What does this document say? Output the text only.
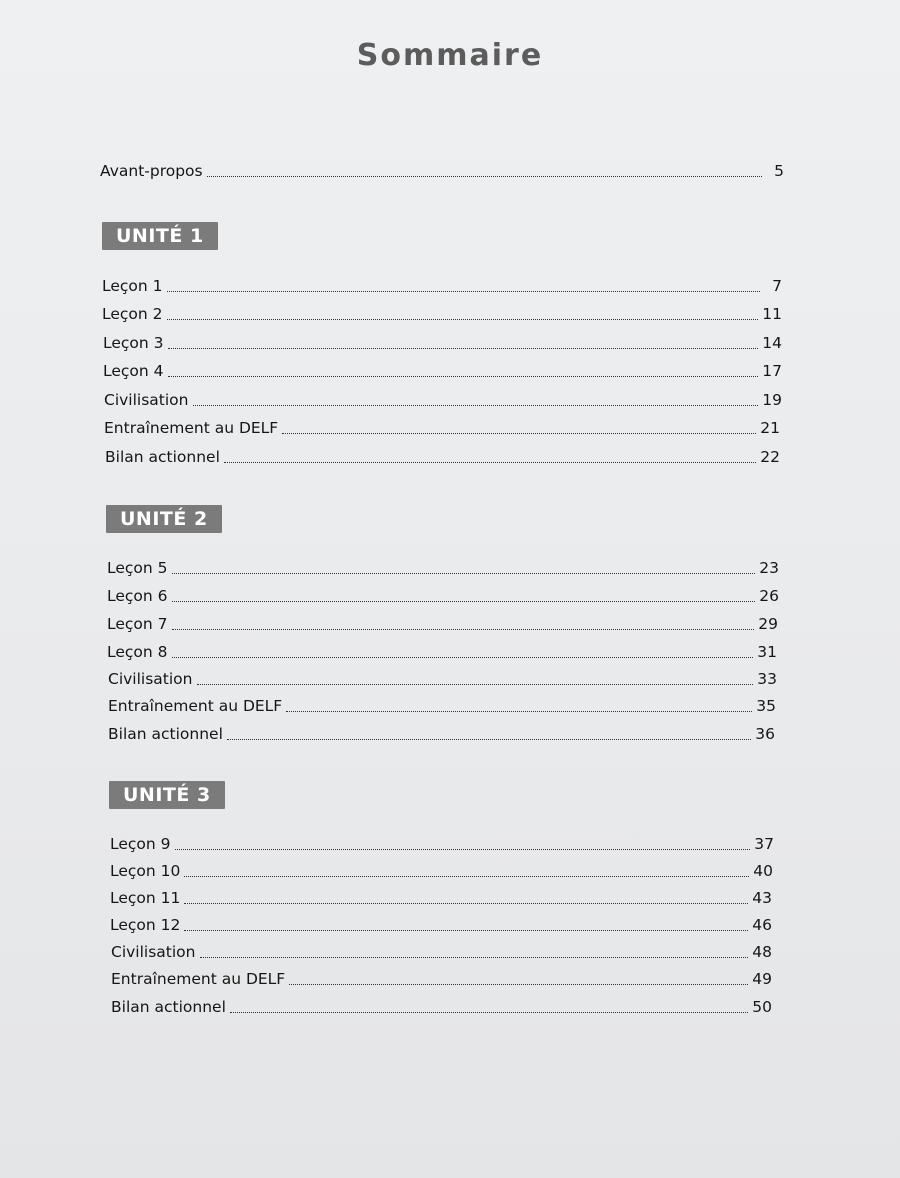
Sommaire
Avant-propos	5
UNITÉ 1
Leçon 1	7
Leçon 2	11
Leçon 3	14
Leçon 4	17
Civilisation	19
Entraînement au DELF	21
Bilan actionnel	22
UNITÉ 2
Leçon 5	23
Leçon 6	26
Leçon 7	29
Leçon 8	31
Civilisation	33
Entraînement au DELF	35
Bilan actionnel	36
UNITÉ 3
Leçon 9	37
Leçon 10	40
Leçon 11	43
Leçon 12	46
Civilisation	48
Entraînement au DELF	49
Bilan actionnel	50
